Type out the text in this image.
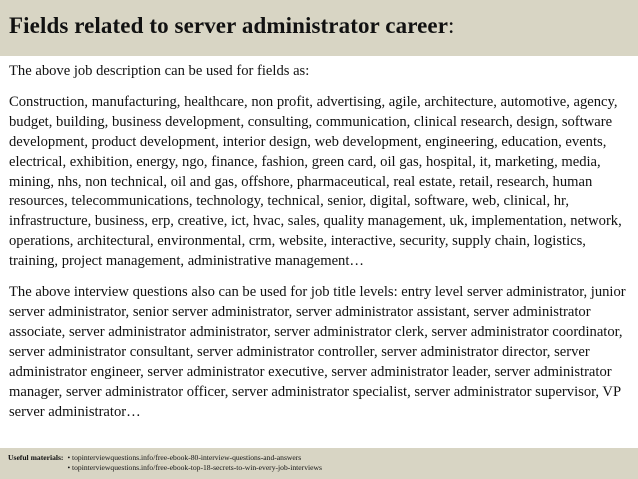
Fields related to server administrator career:

The above job description can be used for fields as:

Construction, manufacturing, healthcare, non profit, advertising, agile, architecture, automotive, agency, budget, building, business development, consulting, communication, clinical research, design, software development, product development, interior design, web development, engineering, education, events, electrical, exhibition, energy, ngo, finance, fashion, green card, oil gas, hospital, it, marketing, media, mining, nhs, non technical, oil and gas, offshore, pharmaceutical, real estate, retail, research, human resources, telecommunications, technology, technical, senior, digital, software, web, clinical, hr, infrastructure, business, erp, creative, ict, hvac, sales, quality management, uk, implementation, network, operations, architectural, environmental, crm, website, interactive, security, supply chain, logistics, training, project management, administrative management…

The above interview questions also can be used for job title levels: entry level server administrator, junior server administrator, senior server administrator, server administrator assistant, server administrator associate, server administrator administrator, server administrator clerk, server administrator coordinator, server administrator consultant, server administrator controller, server administrator director, server administrator engineer, server administrator executive, server administrator leader, server administrator manager, server administrator officer, server administrator specialist, server administrator supervisor, VP server administrator…

Useful materials: • topinterviewquestions.info/free-ebook-80-interview-questions-and-answers
• topinterviewquestions.info/free-ebook-top-18-secrets-to-win-every-job-interviews
